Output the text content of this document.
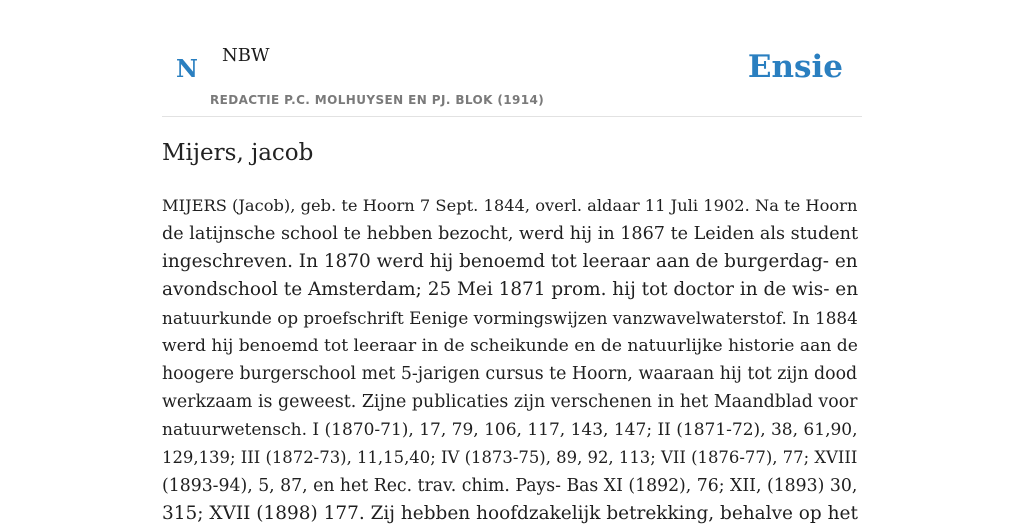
N NBW
REDACTIE P.C. MOLHUYSEN EN PJ. BLOK (1914)
Ensie
Mijers, jacob

MIJERS (Jacob), geb. te Hoorn 7 Sept. 1844, overl. aldaar 11 Juli 1902. Na te Hoorn
de latijnsche school te hebben bezocht, werd hij in 1867 te Leiden als student
ingeschreven. In 1870 werd hij benoemd tot leeraar aan de burgerdag- en
avondschool te Amsterdam; 25 Mei 1871 prom. hij tot doctor in de wis- en
natuurkunde op proefschrift Eenige vormingswijzen vanzwavelwaterstof. In 1884
werd hij benoemd tot leeraar in de scheikunde en de natuurlijke historie aan de
hoogere burgerschool met 5-jarigen cursus te Hoorn, waaraan hij tot zijn dood
werkzaam is geweest. Zijne publicaties zijn verschenen in het Maandblad voor
natuurwetensch. I (1870-71), 17, 79, 106, 117, 143, 147; II (1871-72), 38, 61,90,
129,139; III (1872-73), 11,15,40; IV (1873-75), 89, 92, 113; VII (1876-77), 77; XVIII
(1893-94), 5, 87, en het Rec. trav. chim. Pays- Bas XI (1892), 76; XII, (1893) 30,
315; XVII (1898) 177. Zij hebben hoofdzakelijk betrekking, behalve op het
